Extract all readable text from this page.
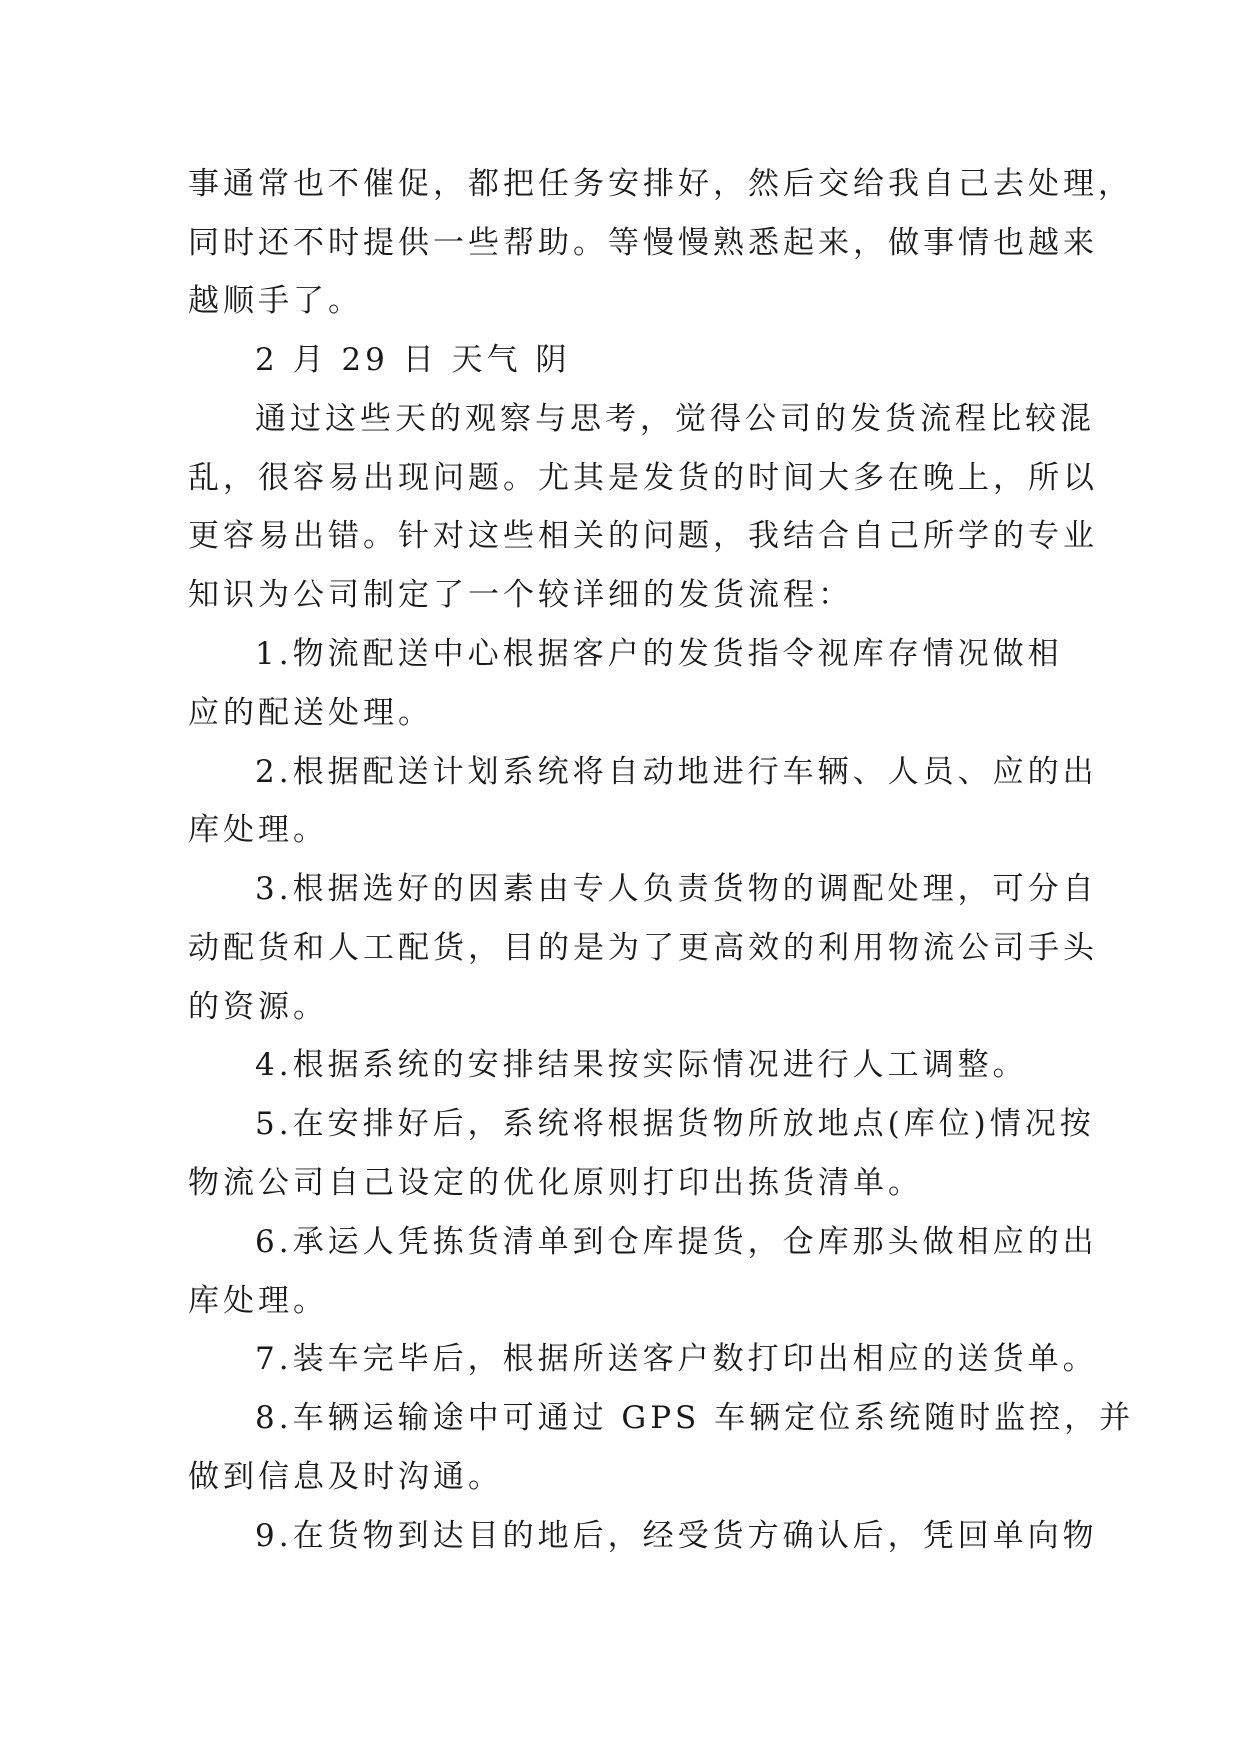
事通常也不催促，都把任务安排好，然后交给我自己去处理，
同时还不时提供一些帮助。等慢慢熟悉起来，做事情也越来
越顺手了。
2 月 29 日 天气 阴
通过这些天的观察与思考，觉得公司的发货流程比较混
乱，很容易出现问题。尤其是发货的时间大多在晚上，所以
更容易出错。针对这些相关的问题，我结合自己所学的专业
知识为公司制定了一个较详细的发货流程：
1.物流配送中心根据客户的发货指令视库存情况做相
应的配送处理。
2.根据配送计划系统将自动地进行车辆、人员、应的出
库处理。
3.根据选好的因素由专人负责货物的调配处理，可分自
动配货和人工配货，目的是为了更高效的利用物流公司手头
的资源。
4.根据系统的安排结果按实际情况进行人工调整。
5.在安排好后，系统将根据货物所放地点(库位)情况按
物流公司自己设定的优化原则打印出拣货清单。
6.承运人凭拣货清单到仓库提货，仓库那头做相应的出
库处理。
7.装车完毕后，根据所送客户数打印出相应的送货单。
8.车辆运输途中可通过 GPS 车辆定位系统随时监控，并
做到信息及时沟通。
9.在货物到达目的地后，经受货方确认后，凭回单向物
